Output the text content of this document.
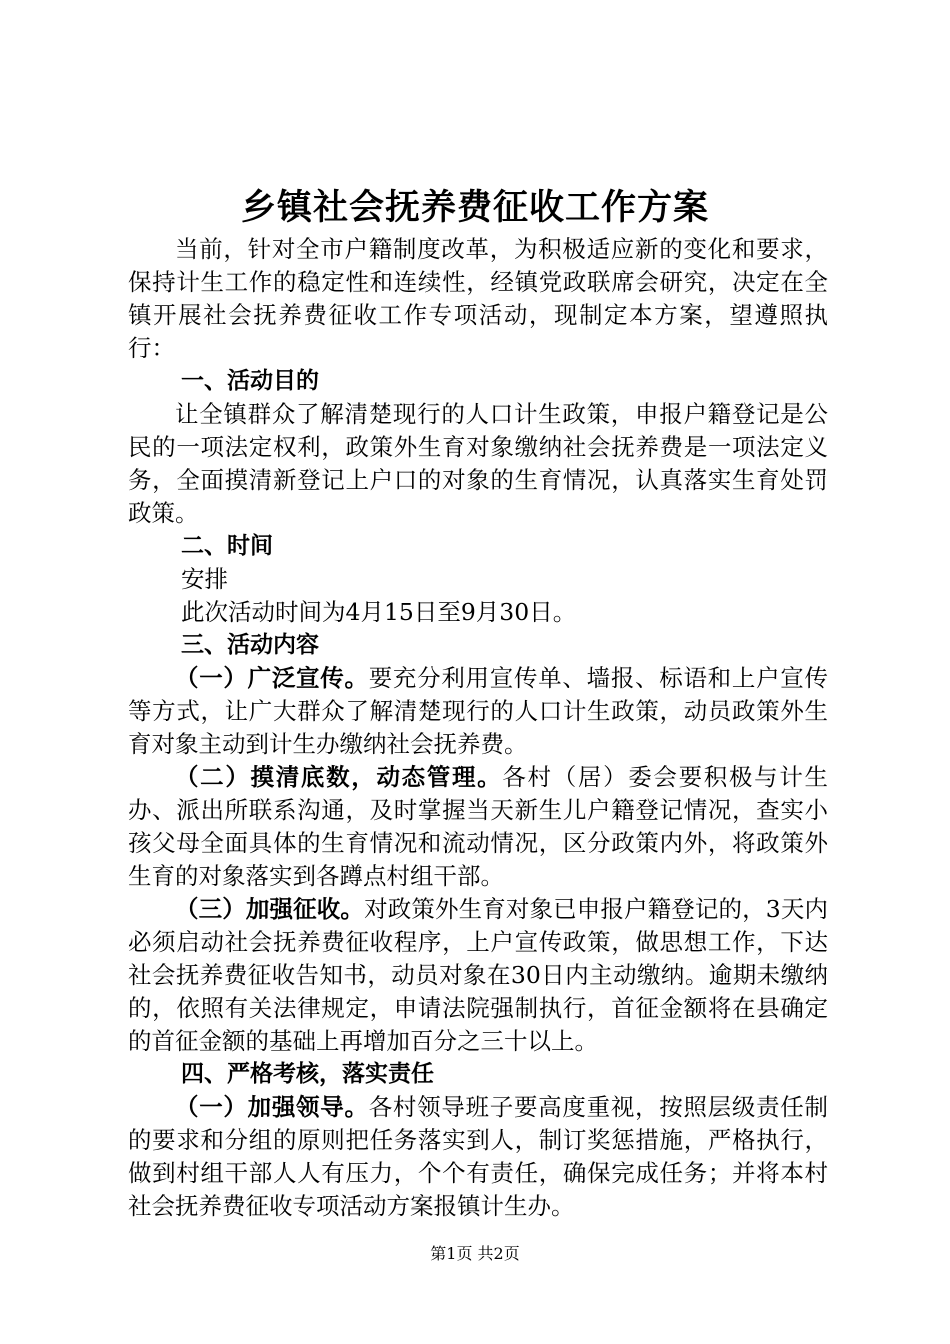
乡镇社会抚养费征收工作方案

当前，针对全市户籍制度改革，为积极适应新的变化和要求，保持计生工作的稳定性和连续性，经镇党政联席会研究，决定在全镇开展社会抚养费征收工作专项活动，现制定本方案，望遵照执行：

一、活动目的

让全镇群众了解清楚现行的人口计生政策，申报户籍登记是公民的一项法定权利，政策外生育对象缴纳社会抚养费是一项法定义务，全面摸清新登记上户口的对象的生育情况，认真落实生育处罚政策。

二、时间

安排

此次活动时间为4月15日至9月30日。

三、活动内容

（一）广泛宣传。要充分利用宣传单、墙报、标语和上户宣传等方式，让广大群众了解清楚现行的人口计生政策，动员政策外生育对象主动到计生办缴纳社会抚养费。

（二）摸清底数，动态管理。各村（居）委会要积极与计生办、派出所联系沟通，及时掌握当天新生儿户籍登记情况，查实小孩父母全面具体的生育情况和流动情况，区分政策内外，将政策外生育的对象落实到各蹲点村组干部。

（三）加强征收。对政策外生育对象已申报户籍登记的，3天内必须启动社会抚养费征收程序，上户宣传政策，做思想工作，下达社会抚养费征收告知书，动员对象在30日内主动缴纳。逾期未缴纳的，依照有关法律规定，申请法院强制执行，首征金额将在县确定的首征金额的基础上再增加百分之三十以上。

四、严格考核，落实责任

（一）加强领导。各村领导班子要高度重视，按照层级责任制的要求和分组的原则把任务落实到人，制订奖惩措施，严格执行，做到村组干部人人有压力，个个有责任，确保完成任务；并将本村社会抚养费征收专项活动方案报镇计生办。

第1页 共2页
